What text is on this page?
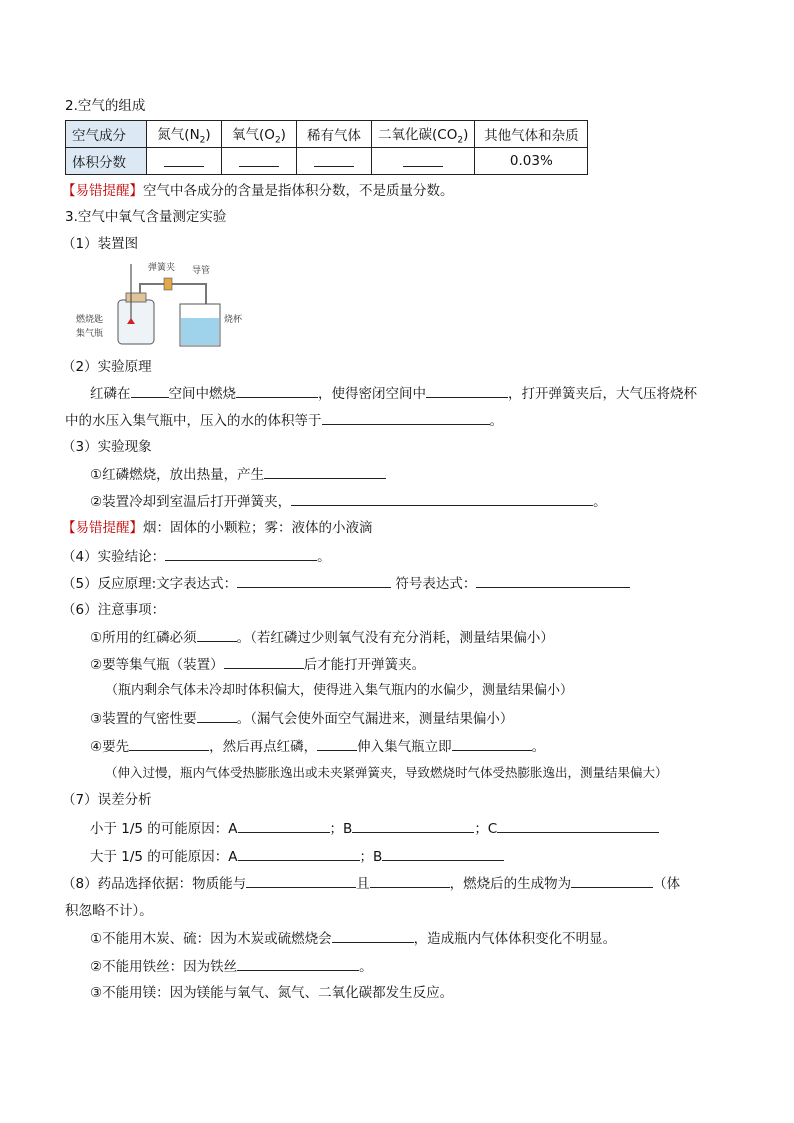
2.空气的组成
空气成分	氮气$(N_2)$	氧气$(O_2)$	稀有气体	二氧化碳$(CO_2)$	其他气体和杂质
体积分数					0.03%
【易错提醒】空气中各成分的含量是指体积分数，不是质量分数。
3.空气中氧气含量测定实验
（1）装置图
弹簧夹 导管
燃烧匙
集气瓶
烧杯
（2）实验原理
红磷在	空间中燃烧	，使得密闭空间中	，打开弹簧夹后，大气压将烧杯
中的水压入集气瓶中，压入的水的体积等于	。
（3）实验现象
①红磷燃烧，放出热量，产生
②装置冷却到室温后打开弹簧夹，	。
【易错提醒】烟：固体的小颗粒；雾：液体的小液滴
（4）实验结论：	。
（5）反应原理:文字表达式：	符号表达式：
（6）注意事项：
①所用的红磷必须	。（若红磷过少则氧气没有充分消耗，测量结果偏小）
②要等集气瓶（装置）	后才能打开弹簧夹。
（瓶内剩余气体未冷却时体积偏大，使得进入集气瓶内的水偏少，测量结果偏小）
③装置的气密性要	。（漏气会使外面空气漏进来，测量结果偏小）
④要先	，然后再点红磷，	伸入集气瓶立即	。
（伸入过慢，瓶内气体受热膨胀逸出或未夹紧弹簧夹，导致燃烧时气体受热膨胀逸出，测量结果偏大）
（7）误差分析
小于 1/5 的可能原因：A	；B	；C
大于 1/5 的可能原因：A	；B
（8）药品选择依据：物质能与	且	，燃烧后的生成物为	（体
积忽略不计）。
①不能用木炭、硫：因为木炭或硫燃烧会	，造成瓶内气体体积变化不明显。
②不能用铁丝：因为铁丝	。
③不能用镁：因为镁能与氧气、氮气、二氧化碳都发生反应。
